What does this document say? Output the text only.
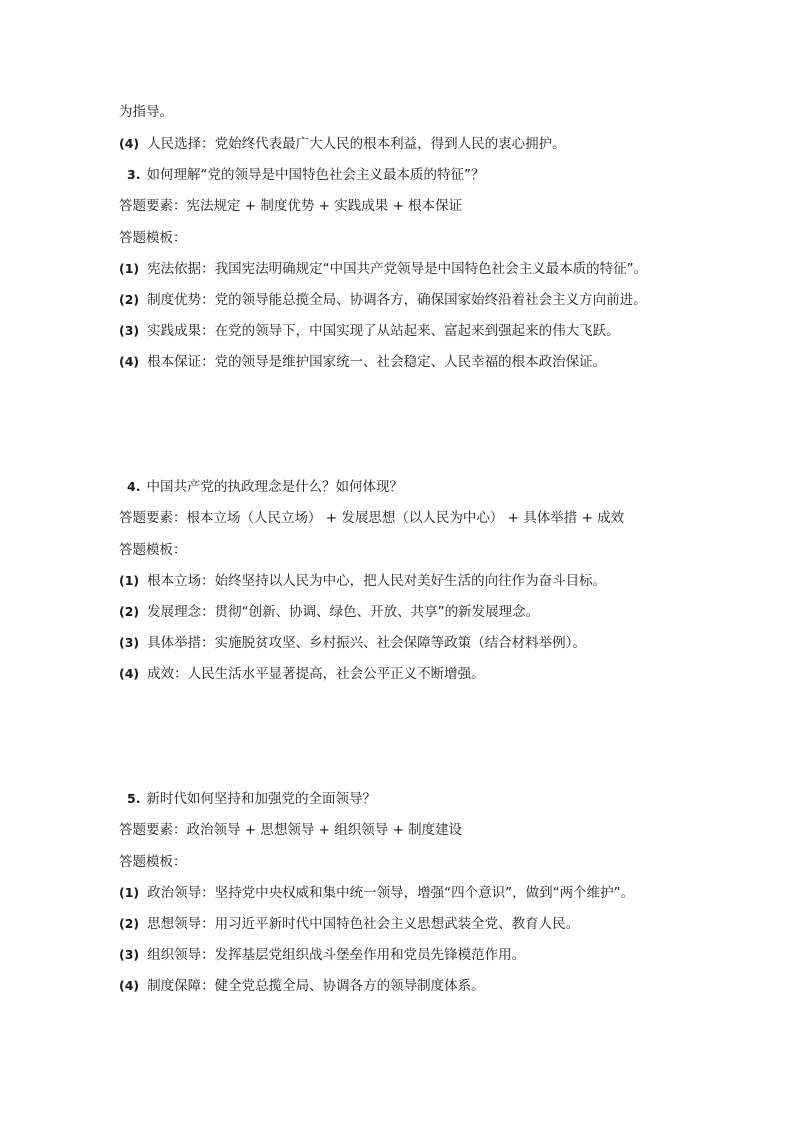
为指导。
(4) 人民选择：党始终代表最广大人民的根本利益，得到人民的衷心拥护。
3. 如何理解“党的领导是中国特色社会主义最本质的特征”？
答题要素：宪法规定 + 制度优势 + 实践成果 + 根本保证
答题模板：
(1) 宪法依据：我国宪法明确规定“中国共产党领导是中国特色社会主义最本质的特征”。
(2) 制度优势：党的领导能总揽全局、协调各方，确保国家始终沿着社会主义方向前进。
(3) 实践成果：在党的领导下，中国实现了从站起来、富起来到强起来的伟大飞跃。
(4) 根本保证：党的领导是维护国家统一、社会稳定、人民幸福的根本政治保证。
4. 中国共产党的执政理念是什么？如何体现？
答题要素：根本立场（人民立场） + 发展思想（以人民为中心） + 具体举措 + 成效
答题模板：
(1) 根本立场：始终坚持以人民为中心，把人民对美好生活的向往作为奋斗目标。
(2) 发展理念：贯彻“创新、协调、绿色、开放、共享”的新发展理念。
(3) 具体举措：实施脱贫攻坚、乡村振兴、社会保障等政策（结合材料举例）。
(4) 成效：人民生活水平显著提高，社会公平正义不断增强。
5. 新时代如何坚持和加强党的全面领导？
答题要素：政治领导 + 思想领导 + 组织领导 + 制度建设
答题模板：
(1) 政治领导：坚持党中央权威和集中统一领导，增强“四个意识”，做到“两个维护”。
(2) 思想领导：用习近平新时代中国特色社会主义思想武装全党、教育人民。
(3) 组织领导：发挥基层党组织战斗堡垒作用和党员先锋模范作用。
(4) 制度保障：健全党总揽全局、协调各方的领导制度体系。
